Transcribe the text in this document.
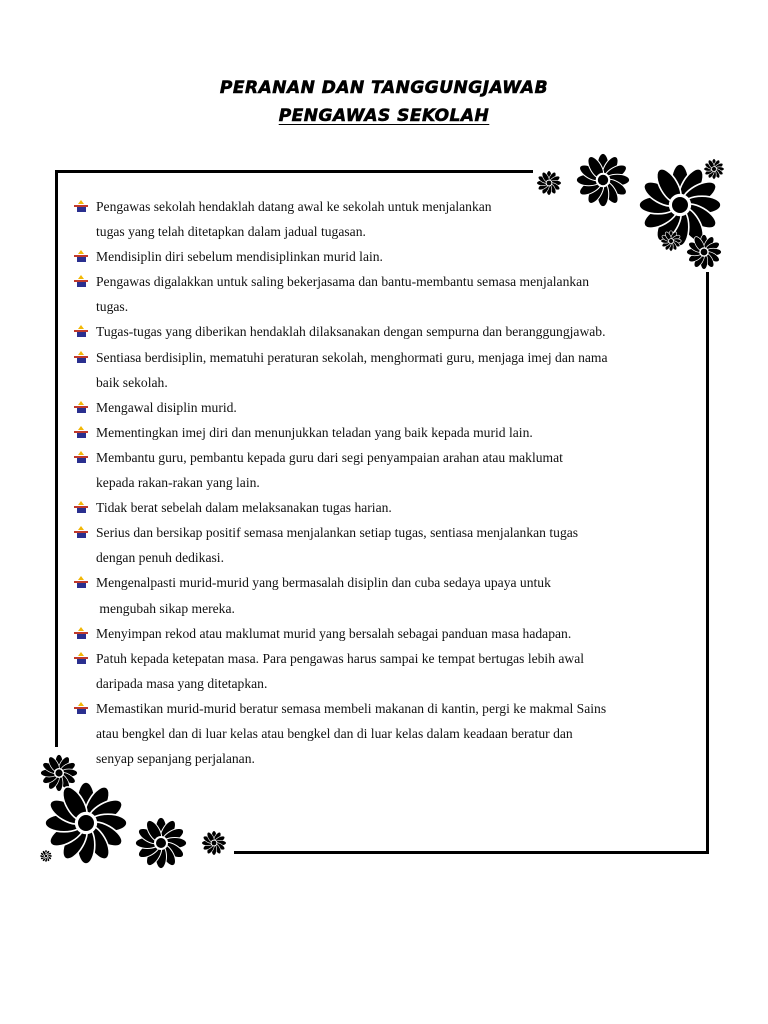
PERANAN DAN TANGGUNGJAWAB
PENGAWAS SEKOLAH
Pengawas sekolah hendaklah datang awal ke sekolah untuk menjalankan
tugas yang telah ditetapkan dalam jadual tugasan.
Mendisiplin diri sebelum mendisiplinkan murid lain.
Pengawas digalakkan untuk saling bekerjasama dan bantu-membantu semasa menjalankan
tugas.
Tugas-tugas yang diberikan hendaklah dilaksanakan dengan sempurna dan beranggungjawab.
Sentiasa berdisiplin, mematuhi peraturan sekolah, menghormati guru, menjaga imej dan nama
baik sekolah.
Mengawal disiplin murid.
Mementingkan imej diri dan menunjukkan teladan yang baik kepada murid lain.
Membantu guru, pembantu kepada guru dari segi penyampaian arahan atau maklumat
kepada rakan-rakan yang lain.
Tidak berat sebelah dalam melaksanakan tugas harian.
Serius dan bersikap positif semasa menjalankan setiap tugas, sentiasa menjalankan tugas
dengan penuh dedikasi.
Mengenalpasti murid-murid yang bermasalah disiplin dan cuba sedaya upaya untuk
mengubah sikap mereka.
Menyimpan rekod atau maklumat murid yang bersalah sebagai panduan masa hadapan.
Patuh kepada ketepatan masa. Para pengawas harus sampai ke tempat bertugas lebih awal
daripada masa yang ditetapkan.
Memastikan murid-murid beratur semasa membeli makanan di kantin, pergi ke makmal Sains
atau bengkel dan di luar kelas atau bengkel dan di luar kelas dalam keadaan beratur dan
senyap sepanjang perjalanan.
